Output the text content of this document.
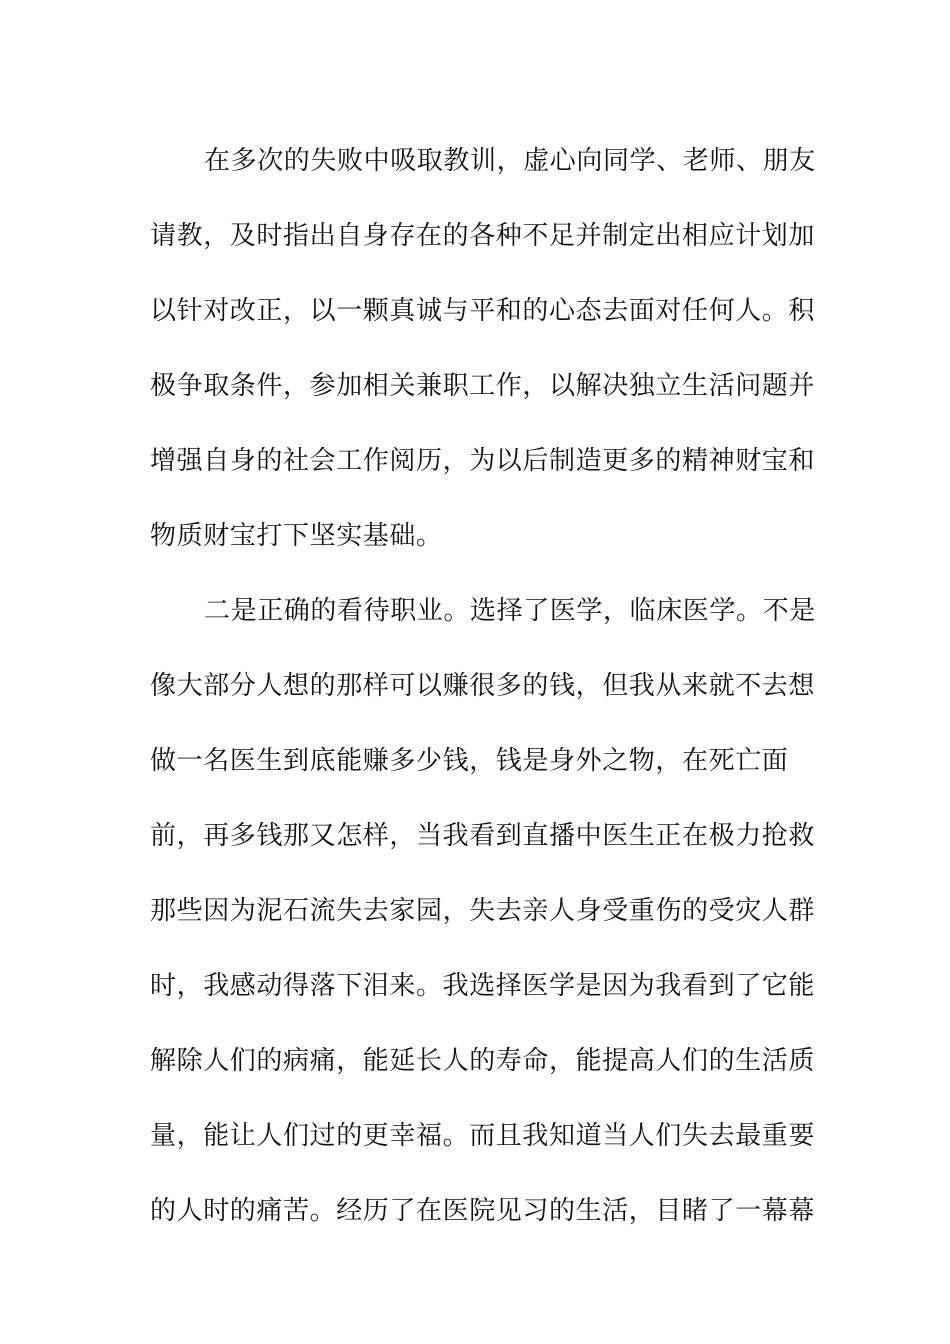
在多次的失败中吸取教训，虚心向同学、老师、朋友
请教，及时指出自身存在的各种不足并制定出相应计划加
以针对改正，以一颗真诚与平和的心态去面对任何人。积
极争取条件，参加相关兼职工作，以解决独立生活问题并
增强自身的社会工作阅历，为以后制造更多的精神财宝和
物质财宝打下坚实基础。
二是正确的看待职业。选择了医学，临床医学。不是
像大部分人想的那样可以赚很多的钱，但我从来就不去想
做一名医生到底能赚多少钱，钱是身外之物，在死亡面
前，再多钱那又怎样，当我看到直播中医生正在极力抢救
那些因为泥石流失去家园，失去亲人身受重伤的受灾人群
时，我感动得落下泪来。我选择医学是因为我看到了它能
解除人们的病痛，能延长人的寿命，能提高人们的生活质
量，能让人们过的更幸福。而且我知道当人们失去最重要
的人时的痛苦。经历了在医院见习的生活，目睹了一幕幕
